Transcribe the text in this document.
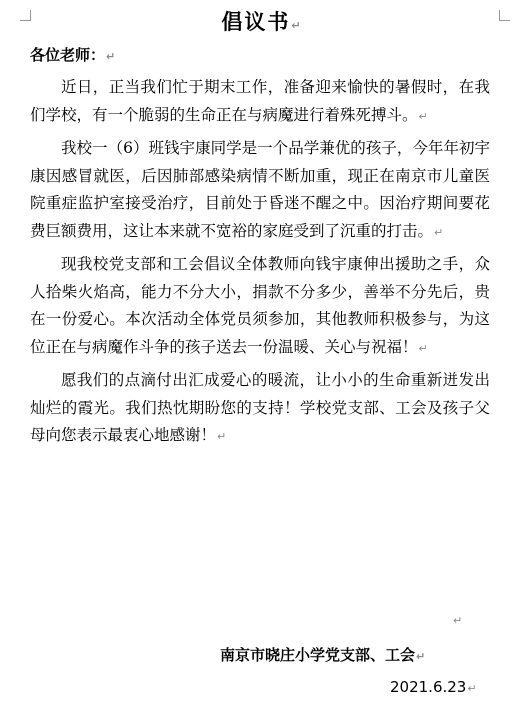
倡议书↵
各位老师：↵

近日，正当我们忙于期末工作，准备迎来愉快的暑假时，在我们学校，有一个脆弱的生命正在与病魔进行着殊死搏斗。↵

我校一（6）班钱宇康同学是一个品学兼优的孩子，今年年初宇康因感冒就医，后因肺部感染病情不断加重，现正在南京市儿童医院重症监护室接受治疗，目前处于昏迷不醒之中。因治疗期间要花费巨额费用，这让本来就不宽裕的家庭受到了沉重的打击。↵

现我校党支部和工会倡议全体教师向钱宇康伸出援助之手，众人拾柴火焰高，能力不分大小，捐款不分多少，善举不分先后，贵在一份爱心。本次活动全体党员须参加，其他教师积极参与，为这位正在与病魔作斗争的孩子送去一份温暖、关心与祝福！↵

愿我们的点滴付出汇成爱心的暖流，让小小的生命重新迸发出灿烂的霞光。我们热忱期盼您的支持！学校党支部、工会及孩子父母向您表示最衷心地感谢！↵

↵
南京市晓庄小学党支部、工会↵
2021.6.23↵
